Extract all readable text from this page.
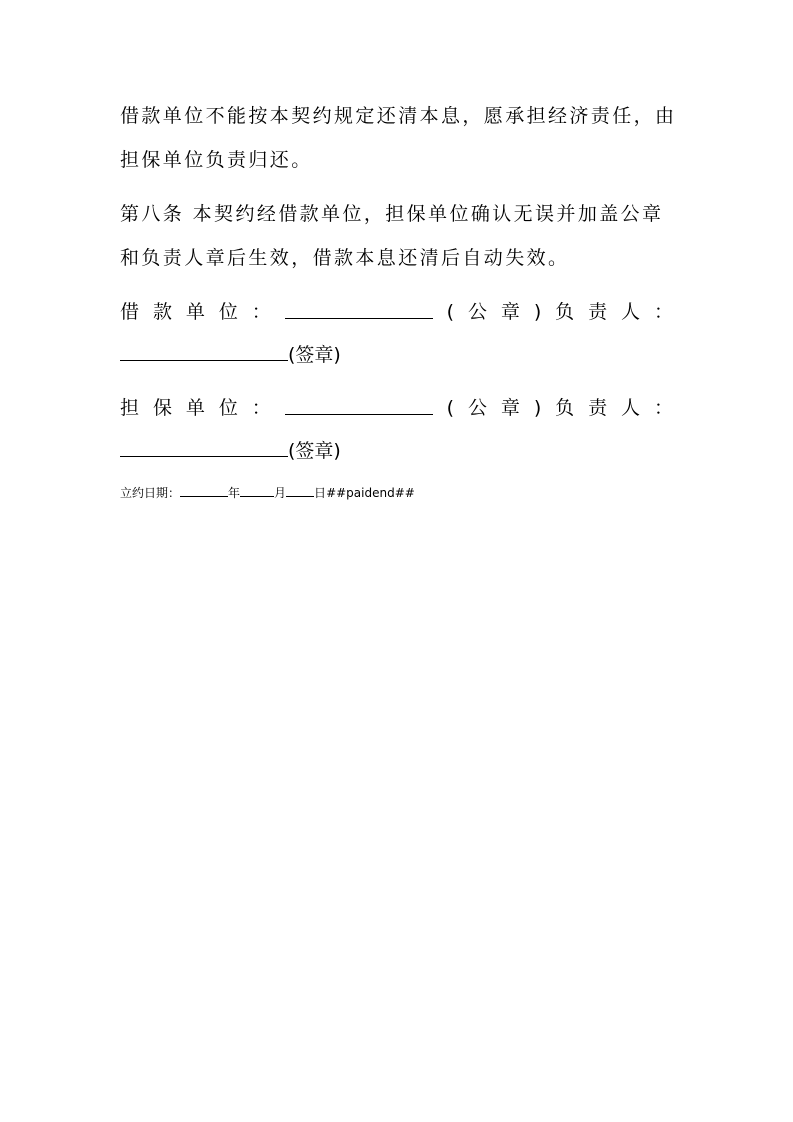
借款单位不能按本契约规定还清本息，愿承担经济责任，由
担保单位负责归还。
第八条 本契约经借款单位，担保单位确认无误并加盖公章
和负责人章后生效，借款本息还清后自动失效。
借 款 单 位 ：	( 公 章 ) 负 责 人 ：
(签章)
担 保 单 位 ：	( 公 章 ) 负 责 人 ：
(签章)
立约日期：	年	月 日##paidend##
